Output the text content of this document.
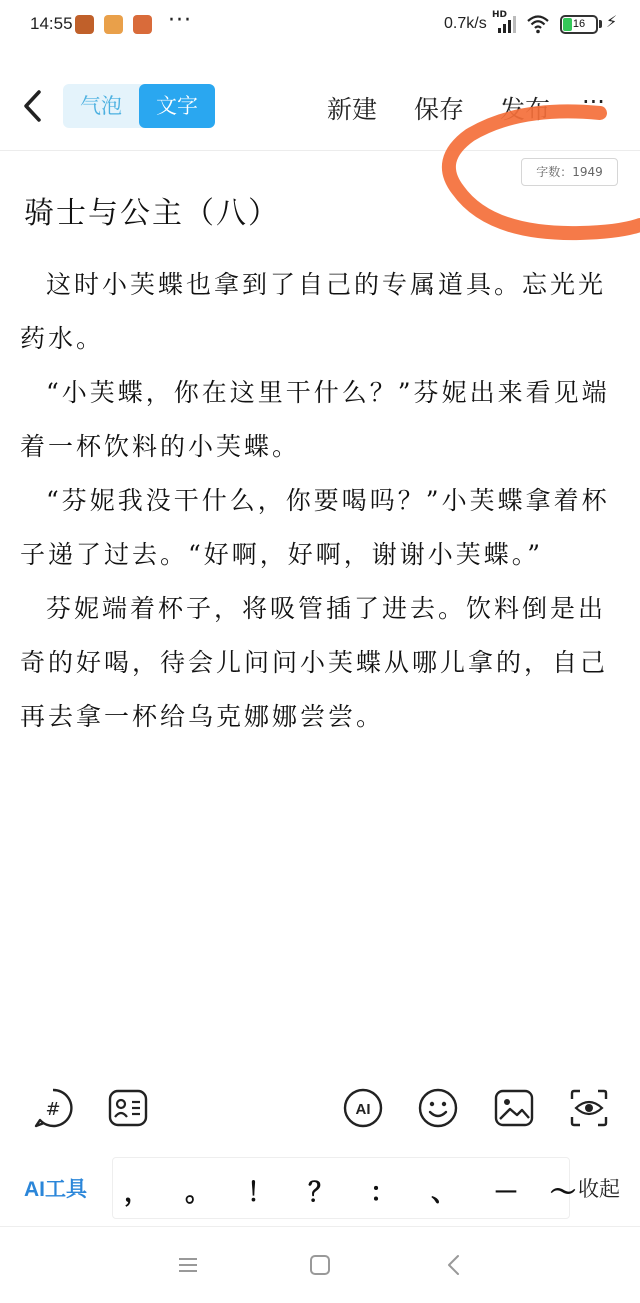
14:55	···	0.7k/s HD
16	⚡
气泡	文字	新建 保存 发布 ···
字数：1949
骑士与公主（八）

这时小芙蝶也拿到了自己的专属道具。忘光光药水。

“小芙蝶，你在这里干什么？”芬妮出来看见端着一杯饮料的小芙蝶。

“芬妮我没干什么，你要喝吗？”小芙蝶拿着杯子递了过去。“好啊，好啊，谢谢小芙蝶。”

芬妮端着杯子，将吸管插了进去。饮料倒是出奇的好喝，待会儿问问小芙蝶从哪儿拿的，自己再去拿一杯给乌克娜娜尝尝。

#	AI
AI工具 ， 。 ！ ？ ： 、 － ～ 收起
